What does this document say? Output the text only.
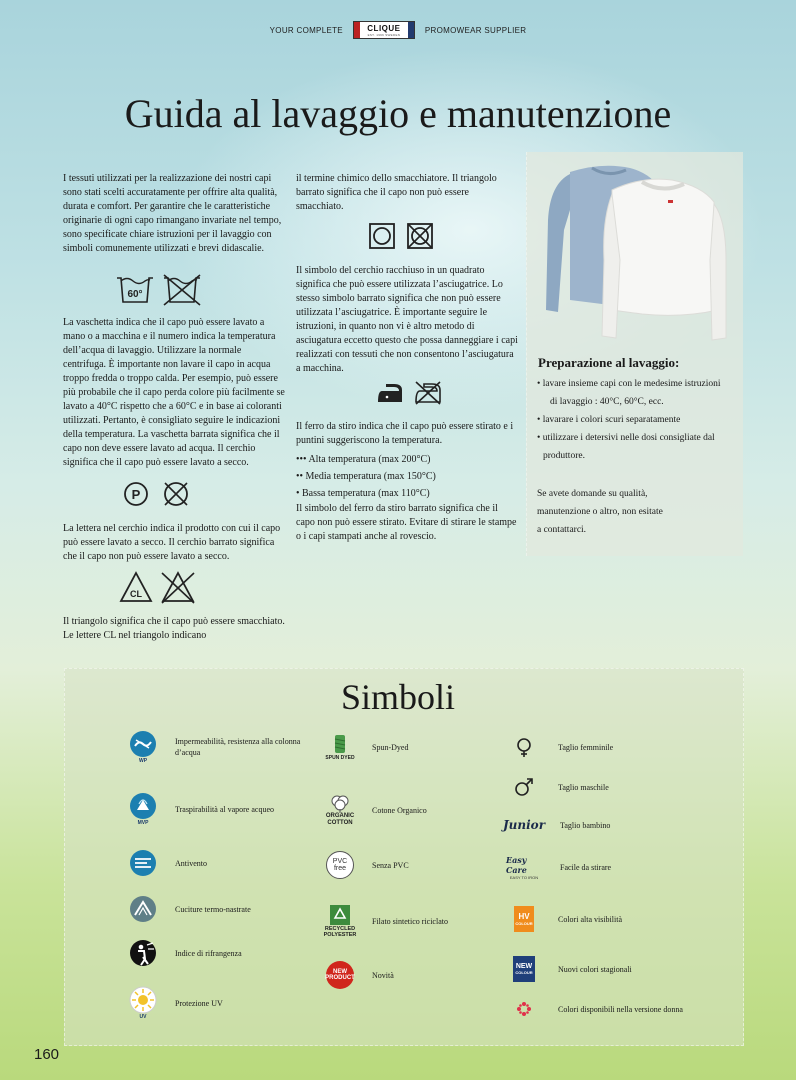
YOUR COMPLETE	CLIQUE
EST. 1996 SWEDEN	PROMOWEAR SUPPLIER
Guida al lavaggio e manutenzione

I tessuti utilizzati per la realizzazione dei nostri capi sono stati scelti accuratamente per offrire alta qualità, durata e comfort. Per garantire che le caratteristiche originarie di ogni capo rimangano invariate nel tempo, sono specificate chiare istruzioni per il lavaggio con simboli comunemente utilizzati e brevi didascalie.

60°

La vaschetta indica che il capo può essere lavato a mano o a macchina e il numero indica la temperatura dell’acqua di lavaggio. Utilizzare la normale centrifuga. È importante non lavare il capo in acqua troppo fredda o troppo calda. Per esempio, può essere più probabile che il capo perda colore più facilmente se lavato a 40°C rispetto che a 60°C e in base ai coloranti utilizzati. Pertanto, è consigliato seguire le indicazioni della temperatura. La vaschetta barrata significa che il capo non deve essere lavato ad acqua. Il cerchio significa che il capo può essere lavato a secco.

P

La lettera nel cerchio indica il prodotto con cui il capo può essere lavato a secco. Il cerchio barrato significa che il capo non può essere lavato a secco.

CL

Il triangolo significa che il capo può essere smacchiato. Le lettere CL nel triangolo indicano

il termine chimico dello smacchiatore. Il triangolo barrato significa che il capo non può essere smacchiato.

Il simbolo del cerchio racchiuso in un quadrato significa che può essere utilizzata l’asciugatrice. Lo stesso simbolo barrato significa che non può essere utilizzata l’asciugatrice. È importante seguire le istruzioni, in quanto non vi è altro metodo di asciugatura eccetto questo che possa danneggiare i capi realizzati con tessuti che non consentono l’asciugatura a macchina.

Il ferro da stiro indica che il capo può essere stirato e i puntini suggeriscono la temperatura.

••• Alta temperatura (max 200°C)

•• Media temperatura (max 150°C)

• Bassa temperatura (max 110°C)

Il simbolo del ferro da stiro barrato significa che il capo non può essere stirato. Evitare di stirare le stampe o i capi stampati anche al rovescio.

Preparazione al lavaggio:
• lavare insieme capi con le medesime istruzioni
di lavaggio : 40°C, 60°C, ecc.
• lavarare i colori scuri separatamente
• utilizzare i detersivi nelle dosi consigliate dal
produttore.
Se avete domande su qualità,
manutenzione o altro, non esitate
a contattarci.
Simboli
WP
Impermeabilità, resistenza alla colonna d’acqua
MVP
Traspirabilità al vapore acqueo
Antivento
Cuciture termo-nastrate
Indice di rifrangenza
UV
Protezione UV
SPUN DYED
Spun-Dyed
ORGANIC COTTON
Cotone Organico
PVC free	Senza PVC
RECYCLED POLYESTER
Filato sintetico riciclato
NEW PRODUCT Novità
Taglio femminile
Taglio maschile
Junior Taglio bambino
Easy Care
EASY TO IRON
Facile da stirare
HV
COLOUR	Colori alta visibilità
NEW
COLOUR	Nuovi colori stagionali
Colori disponibili nella versione donna
160
